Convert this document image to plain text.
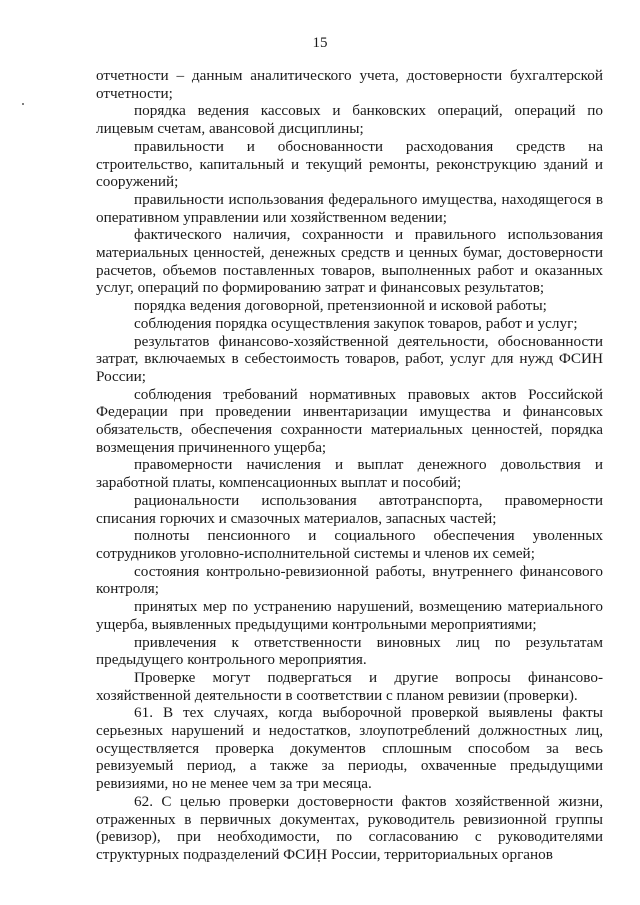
15

отчетности – данным аналитического учета, достоверности бухгалтерской отчетности;

порядка ведения кассовых и банковских операций, операций по лицевым счетам, авансовой дисциплины;

правильности и обоснованности расходования средств на строительство, капитальный и текущий ремонты, реконструкцию зданий и сооружений;

правильности использования федерального имущества, находящегося в оперативном управлении или хозяйственном ведении;

фактического наличия, сохранности и правильного использования материальных ценностей, денежных средств и ценных бумаг, достоверности расчетов, объемов поставленных товаров, выполненных работ и оказанных услуг, операций по формированию затрат и финансовых результатов;

порядка ведения договорной, претензионной и исковой работы;

соблюдения порядка осуществления закупок товаров, работ и услуг;

результатов финансово-хозяйственной деятельности, обоснованности затрат, включаемых в себестоимость товаров, работ, услуг для нужд ФСИН России;

соблюдения требований нормативных правовых актов Российской Федерации при проведении инвентаризации имущества и финансовых обязательств, обеспечения сохранности материальных ценностей, порядка возмещения причиненного ущерба;

правомерности начисления и выплат денежного довольствия и заработной платы, компенсационных выплат и пособий;

рациональности использования автотранспорта, правомерности списания горючих и смазочных материалов, запасных частей;

полноты пенсионного и социального обеспечения уволенных сотрудников уголовно-исполнительной системы и членов их семей;

состояния контрольно-ревизионной работы, внутреннего финансового контроля;

принятых мер по устранению нарушений, возмещению материального ущерба, выявленных предыдущими контрольными мероприятиями;

привлечения к ответственности виновных лиц по результатам предыдущего контрольного мероприятия.

Проверке могут подвергаться и другие вопросы финансово-хозяйственной деятельности в соответствии с планом ревизии (проверки).

61. В тех случаях, когда выборочной проверкой выявлены факты серьезных нарушений и недостатков, злоупотреблений должностных лиц, осуществляется проверка документов сплошным способом за весь ревизуемый период, а также за периоды, охваченные предыдущими ревизиями, но не менее чем за три месяца.

62. С целью проверки достоверности фактов хозяйственной жизни, отраженных в первичных документах, руководитель ревизионной группы (ревизор), при необходимости, по согласованию с руководителями структурных подразделений ФСИН России, территориальных органов
